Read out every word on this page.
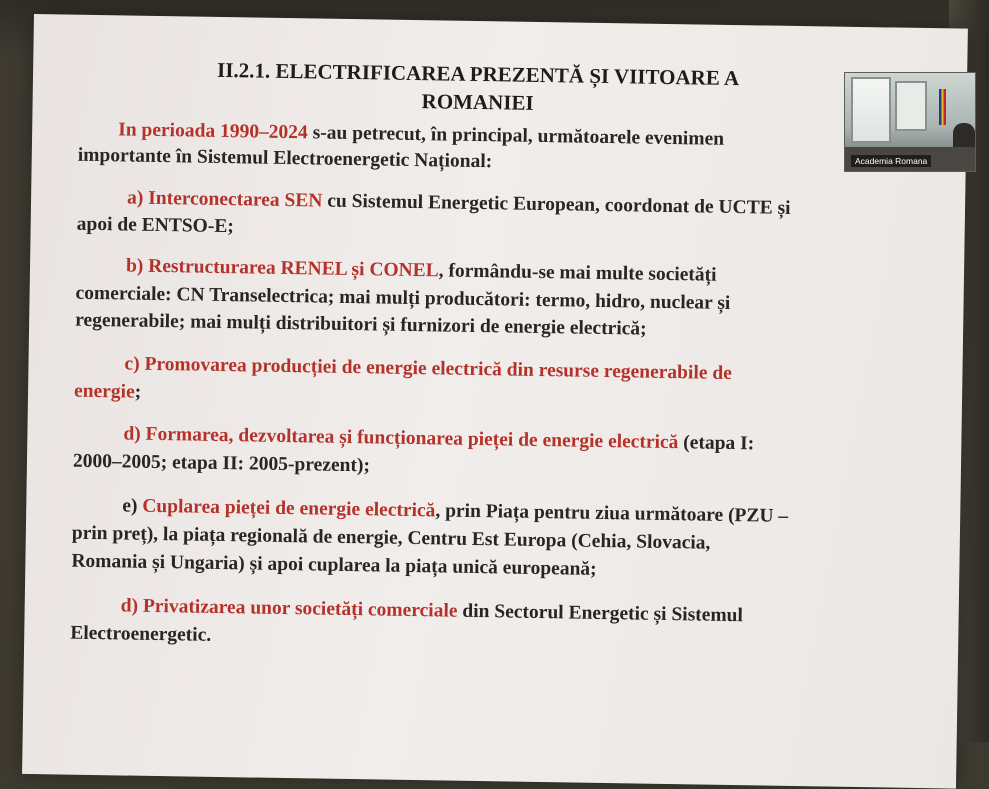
II.2.1. ELECTRIFICAREA PREZENTĂ ȘI VIITOARE A
ROMANIEI
In perioada 1990–2024 s-au petrecut, în principal, următoarele evenimen
importante în Sistemul Electroenergetic Național:
a) Interconectarea SEN cu Sistemul Energetic European, coordonat de UCTE și
apoi de ENTSO-E;
b) Restructurarea RENEL și CONEL, formându-se mai multe societăți
comerciale: CN Transelectrica; mai mulți producători: termo, hidro, nuclear și
regenerabile; mai mulți distribuitori și furnizori de energie electrică;
c) Promovarea producției de energie electrică din resurse regenerabile de
energie;
d) Formarea, dezvoltarea și funcționarea pieței de energie electrică (etapa I:
2000–2005; etapa II: 2005-prezent);
e) Cuplarea pieței de energie electrică, prin Piața pentru ziua următoare (PZU –
prin preț), la piața regională de energie, Centru Est Europa (Cehia, Slovacia,
Romania și Ungaria) și apoi cuplarea la piața unică europeană;
d) Privatizarea unor societăți comerciale din Sectorul Energetic și Sistemul
Electroenergetic.
Academia Romana
